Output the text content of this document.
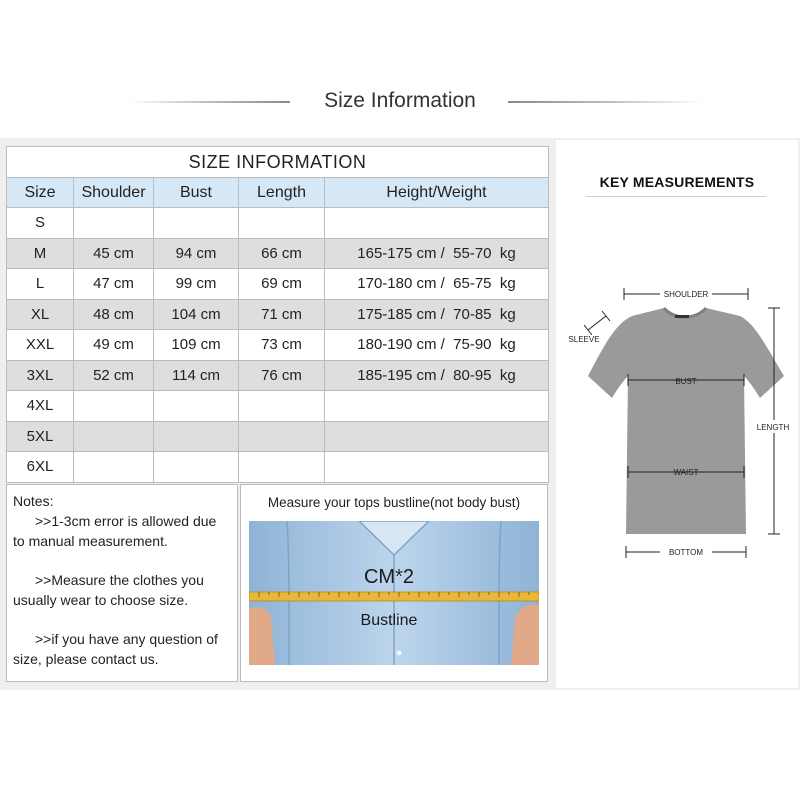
Size Information
SIZE INFORMATION				
Size	Shoulder	Bust	Length	Height/Weight
S				
M	45 cm	94 cm	66 cm	165-175 cm /  55-70  kg
L	47 cm	99 cm	69 cm	170-180 cm /  65-75  kg
XL	48 cm	104 cm	71 cm	175-185 cm /  70-85  kg
XXL	49 cm	109 cm	73 cm	180-190 cm /  75-90  kg
3XL	52 cm	114 cm	76 cm	185-195 cm /  80-95  kg
4XL				
5XL				
6XL				

Notes:

>>1-3cm error is allowed due
to manual measurement.

>>Measure the clothes you
usually wear to choose size.

>>if you have any question of
size, please contact us.

Measure your tops bustline(not body bust)
CM*2
Bustline
KEY MEASUREMENTS
SHOULDER
SLEEVE
BUST
WAIST
LENGTH
BOTTOM
